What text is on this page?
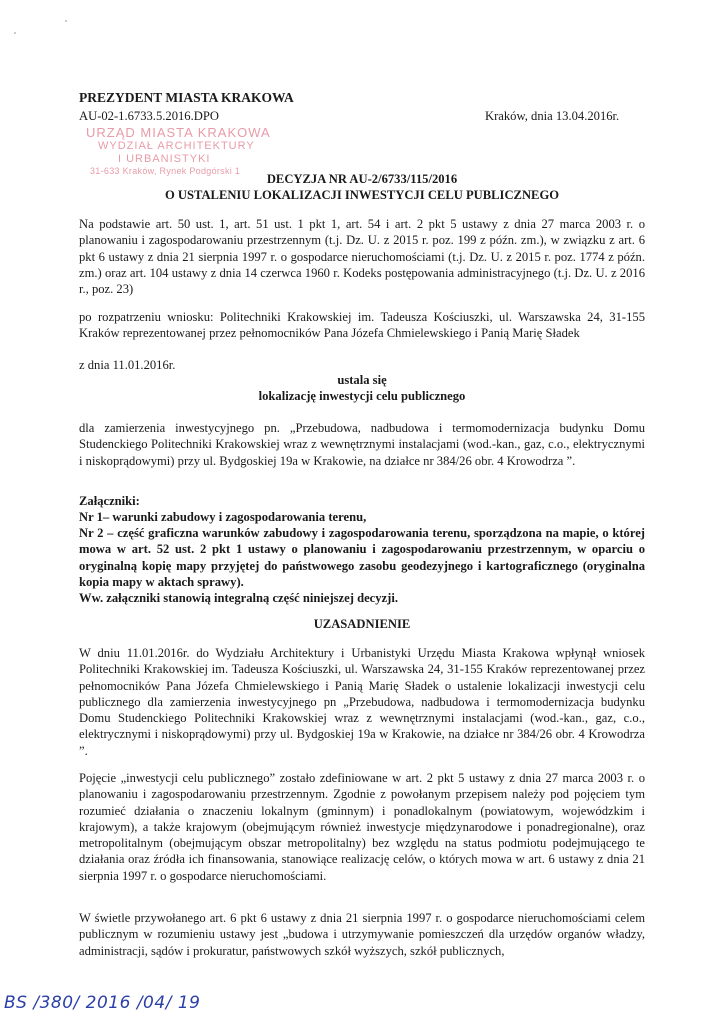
PREZYDENT MIASTA KRAKOWA
AU-02-1.6733.5.2016.DPO	Kraków, dnia 13.04.2016r.
URZĄD MIASTA KRAKOWA
WYDZIAŁ ARCHITEKTURY
I URBANISTYKI
31-633 Kraków, Rynek Podgórski 1
DECYZJA NR AU-2/6733/115/2016
O USTALENIU LOKALIZACJI INWESTYCJI CELU PUBLICZNEGO
Na podstawie art. 50 ust. 1, art. 51 ust. 1 pkt 1, art. 54 i art. 2 pkt 5 ustawy z dnia 27 marca 2003 r. o planowaniu i zagospodarowaniu przestrzennym (t.j. Dz. U. z 2015 r. poz. 199 z późn. zm.), w związku z art. 6 pkt 6 ustawy z dnia 21 sierpnia 1997 r. o gospodarce nieruchomościami (t.j. Dz. U. z 2015 r. poz. 1774 z późn. zm.) oraz art. 104 ustawy z dnia 14 czerwca 1960 r. Kodeks postępowania administracyjnego (t.j. Dz. U. z 2016 r., poz. 23)
po rozpatrzeniu wniosku: Politechniki Krakowskiej im. Tadeusza Kościuszki, ul. Warszawska 24, 31-155 Kraków reprezentowanej przez pełnomocników Pana Józefa Chmielewskiego i Panią Marię Sładek
z dnia 11.01.2016r.
ustala się
lokalizację inwestycji celu publicznego
dla zamierzenia inwestycyjnego pn. „Przebudowa, nadbudowa i termomodernizacja budynku Domu Studenckiego Politechniki Krakowskiej wraz z wewnętrznymi instalacjami (wod.-kan., gaz, c.o., elektrycznymi i niskoprądowymi) przy ul. Bydgoskiej 19a w Krakowie, na działce nr 384/26 obr. 4 Krowodrza ”.
Załączniki:
Nr 1– warunki zabudowy i zagospodarowania terenu,
Nr 2 – część graficzna warunków zabudowy i zagospodarowania terenu, sporządzona na mapie, o której mowa w art. 52 ust. 2 pkt 1 ustawy o planowaniu i zagospodarowaniu przestrzennym, w oparciu o oryginalną kopię mapy przyjętej do państwowego zasobu geodezyjnego i kartograficznego (oryginalna kopia mapy w aktach sprawy).
Ww. załączniki stanowią integralną część niniejszej decyzji.
UZASADNIENIE
W dniu 11.01.2016r. do Wydziału Architektury i Urbanistyki Urzędu Miasta Krakowa wpłynął wniosek Politechniki Krakowskiej im. Tadeusza Kościuszki, ul. Warszawska 24, 31-155 Kraków reprezentowanej przez pełnomocników Pana Józefa Chmielewskiego i Panią Marię Sładek o ustalenie lokalizacji inwestycji celu publicznego dla zamierzenia inwestycyjnego pn „Przebudowa, nadbudowa i termomodernizacja budynku Domu Studenckiego Politechniki Krakowskiej wraz z wewnętrznymi instalacjami (wod.-kan., gaz, c.o., elektrycznymi i niskoprądowymi) przy ul. Bydgoskiej 19a w Krakowie, na działce nr 384/26 obr. 4 Krowodrza ”.
Pojęcie „inwestycji celu publicznego” zostało zdefiniowane w art. 2 pkt 5 ustawy z dnia 27 marca 2003 r. o planowaniu i zagospodarowaniu przestrzennym. Zgodnie z powołanym przepisem należy pod pojęciem tym rozumieć działania o znaczeniu lokalnym (gminnym) i ponadlokalnym (powiatowym, wojewódzkim i krajowym), a także krajowym (obejmującym również inwestycje międzynarodowe i ponadregionalne), oraz metropolitalnym (obejmującym obszar metropolitalny) bez względu na status podmiotu podejmującego te działania oraz źródła ich finansowania, stanowiące realizację celów, o których mowa w art. 6 ustawy z dnia 21 sierpnia 1997 r. o gospodarce nieruchomościami.
W świetle przywołanego art. 6 pkt 6 ustawy z dnia 21 sierpnia 1997 r. o gospodarce nieruchomościami celem publicznym w rozumieniu ustawy jest „budowa i utrzymywanie pomieszczeń dla urzędów organów władzy, administracji, sądów i prokuratur, państwowych szkół wyższych, szkół publicznych,
BS /380/ 2016 /04/ 19
